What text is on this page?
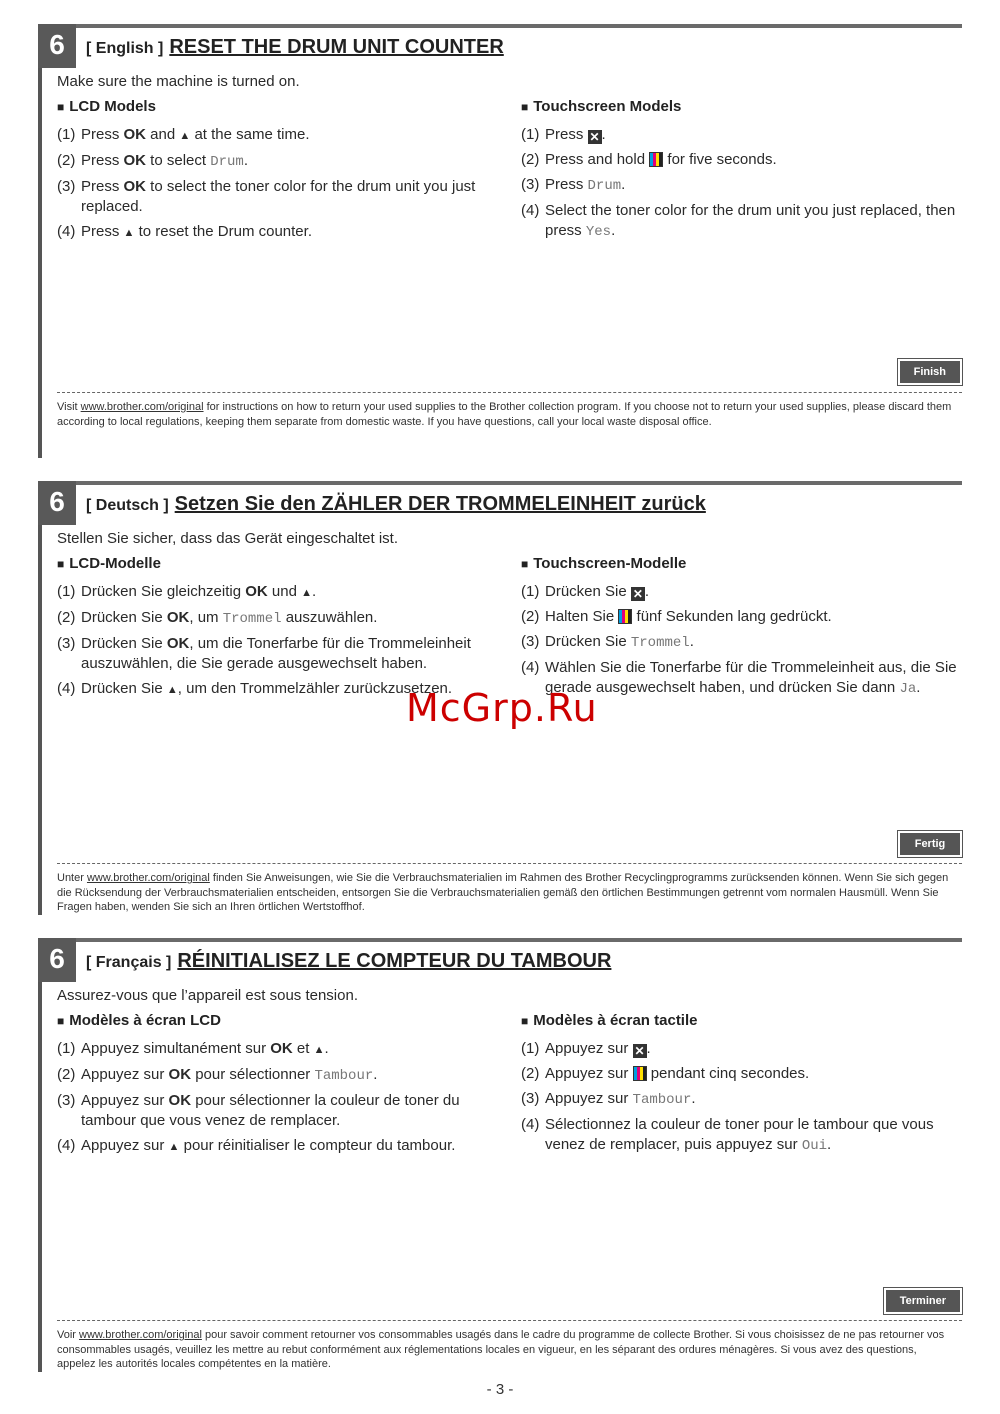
6	[ English ] RESET THE DRUM UNIT COUNTER
Make sure the machine is turned on.
■ LCD Models
(1) Press OK and ▲ at the same time.
(2) Press OK to select Drum.
(3) Press OK to select the toner color for the drum unit you just replaced.
(4) Press ▲ to reset the Drum counter.
■ Touchscreen Models
(1) Press ✕ .
(2) Press and hold
for five seconds.
(3) Press Drum.
(4) Select the toner color for the drum unit you just replaced, then press Yes.
Finish
Visit www.brother.com/original for instructions on how to return your used supplies to the Brother collection program. If you choose not to return your used supplies, please discard them according to local regulations, keeping them separate from domestic waste. If you have questions, call your local waste disposal office.
6	[ Deutsch ] Setzen Sie den ZÄHLER DER TROMMELEINHEIT zurück
Stellen Sie sicher, dass das Gerät eingeschaltet ist.
■ LCD-Modelle
(1) Drücken Sie gleichzeitig OK und ▲.
(2) Drücken Sie OK, um Trommel auszuwählen.
(3) Drücken Sie OK, um die Tonerfarbe für die Trommeleinheit auszuwählen, die Sie gerade ausgewechselt haben.
(4) Drücken Sie ▲, um den Trommelzähler zurückzusetzen.
■ Touchscreen-Modelle
(1) Drücken Sie ✕ .
(2) Halten Sie
fünf Sekunden lang gedrückt.
(3) Drücken Sie Trommel.
(4) Wählen Sie die Tonerfarbe für die Trommeleinheit aus, die Sie gerade ausgewechselt haben, und drücken Sie dann Ja.
McGrp.Ru
Fertig
Unter www.brother.com/original finden Sie Anweisungen, wie Sie die Verbrauchsmaterialien im Rahmen des Brother Recyclingprogramms zurücksenden können. Wenn Sie sich gegen die Rücksendung der Verbrauchsmaterialien entscheiden, entsorgen Sie die Verbrauchsmaterialien gemäß den örtlichen Bestimmungen getrennt vom normalen Hausmüll. Wenn Sie Fragen haben, wenden Sie sich an Ihren örtlichen Wertstoffhof.
6	[ Français ] RÉINITIALISEZ LE COMPTEUR DU TAMBOUR
Assurez-vous que l’appareil est sous tension.
■ Modèles à écran LCD
(1) Appuyez simultanément sur OK et ▲.
(2) Appuyez sur OK pour sélectionner Tambour.
(3) Appuyez sur OK pour sélectionner la couleur de toner du tambour que vous venez de remplacer.
(4) Appuyez sur ▲ pour réinitialiser le compteur du tambour.
■ Modèles à écran tactile
(1) Appuyez sur ✕ .
(2) Appuyez sur
pendant cinq secondes.
(3) Appuyez sur Tambour.
(4) Sélectionnez la couleur de toner pour le tambour que vous venez de remplacer, puis appuyez sur Oui.
Terminer
Voir www.brother.com/original pour savoir comment retourner vos consommables usagés dans le cadre du programme de collecte Brother. Si vous choisissez de ne pas retourner vos consommables usagés, veuillez les mettre au rebut conformément aux réglementations locales en vigueur, en les séparant des ordures ménagères. Si vous avez des questions, appelez les autorités locales compétentes en la matière.
- 3 -
